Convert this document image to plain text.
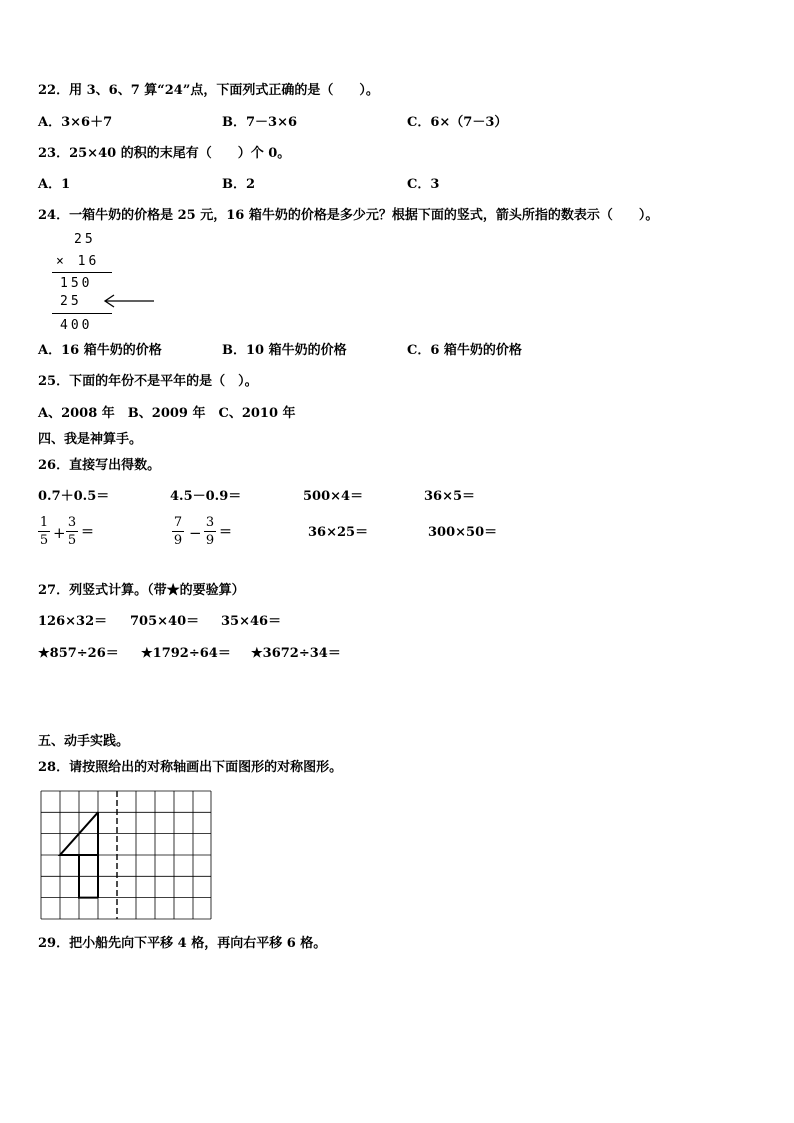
22．用 3、6、7 算“24”点，下面列式正确的是（　　）。
A．3×6＋7	B．7－3×6	C．6×（7－3）
23．25×40 的积的末尾有（　　）个 0。
A．1	B．2	C．3
24．一箱牛奶的价格是 25 元，16 箱牛奶的价格是多少元？根据下面的竖式，箭头所指的数表示（　　）。
25
× 16
150
25
400
A．16 箱牛奶的价格	B．10 箱牛奶的价格	C．6 箱牛奶的价格
25．下面的年份不是平年的是（　）。
A、2008 年　B、2009 年　C、2010 年
四、我是神算手。
26．直接写出得数。
0.7＋0.5＝	4.5－0.9＝	500×4＝	36×5＝
1
5 +
3
5
＝
7
9 −
3
9
＝	36×25＝	300×50＝
27．列竖式计算。（带★的要验算）
126×32＝ 705×40＝ 35×46＝
★857÷26＝ ★1792÷64＝ ★3672÷34＝
五、动手实践。
28．请按照给出的对称轴画出下面图形的对称图形。
29．把小船先向下平移 4 格，再向右平移 6 格。
